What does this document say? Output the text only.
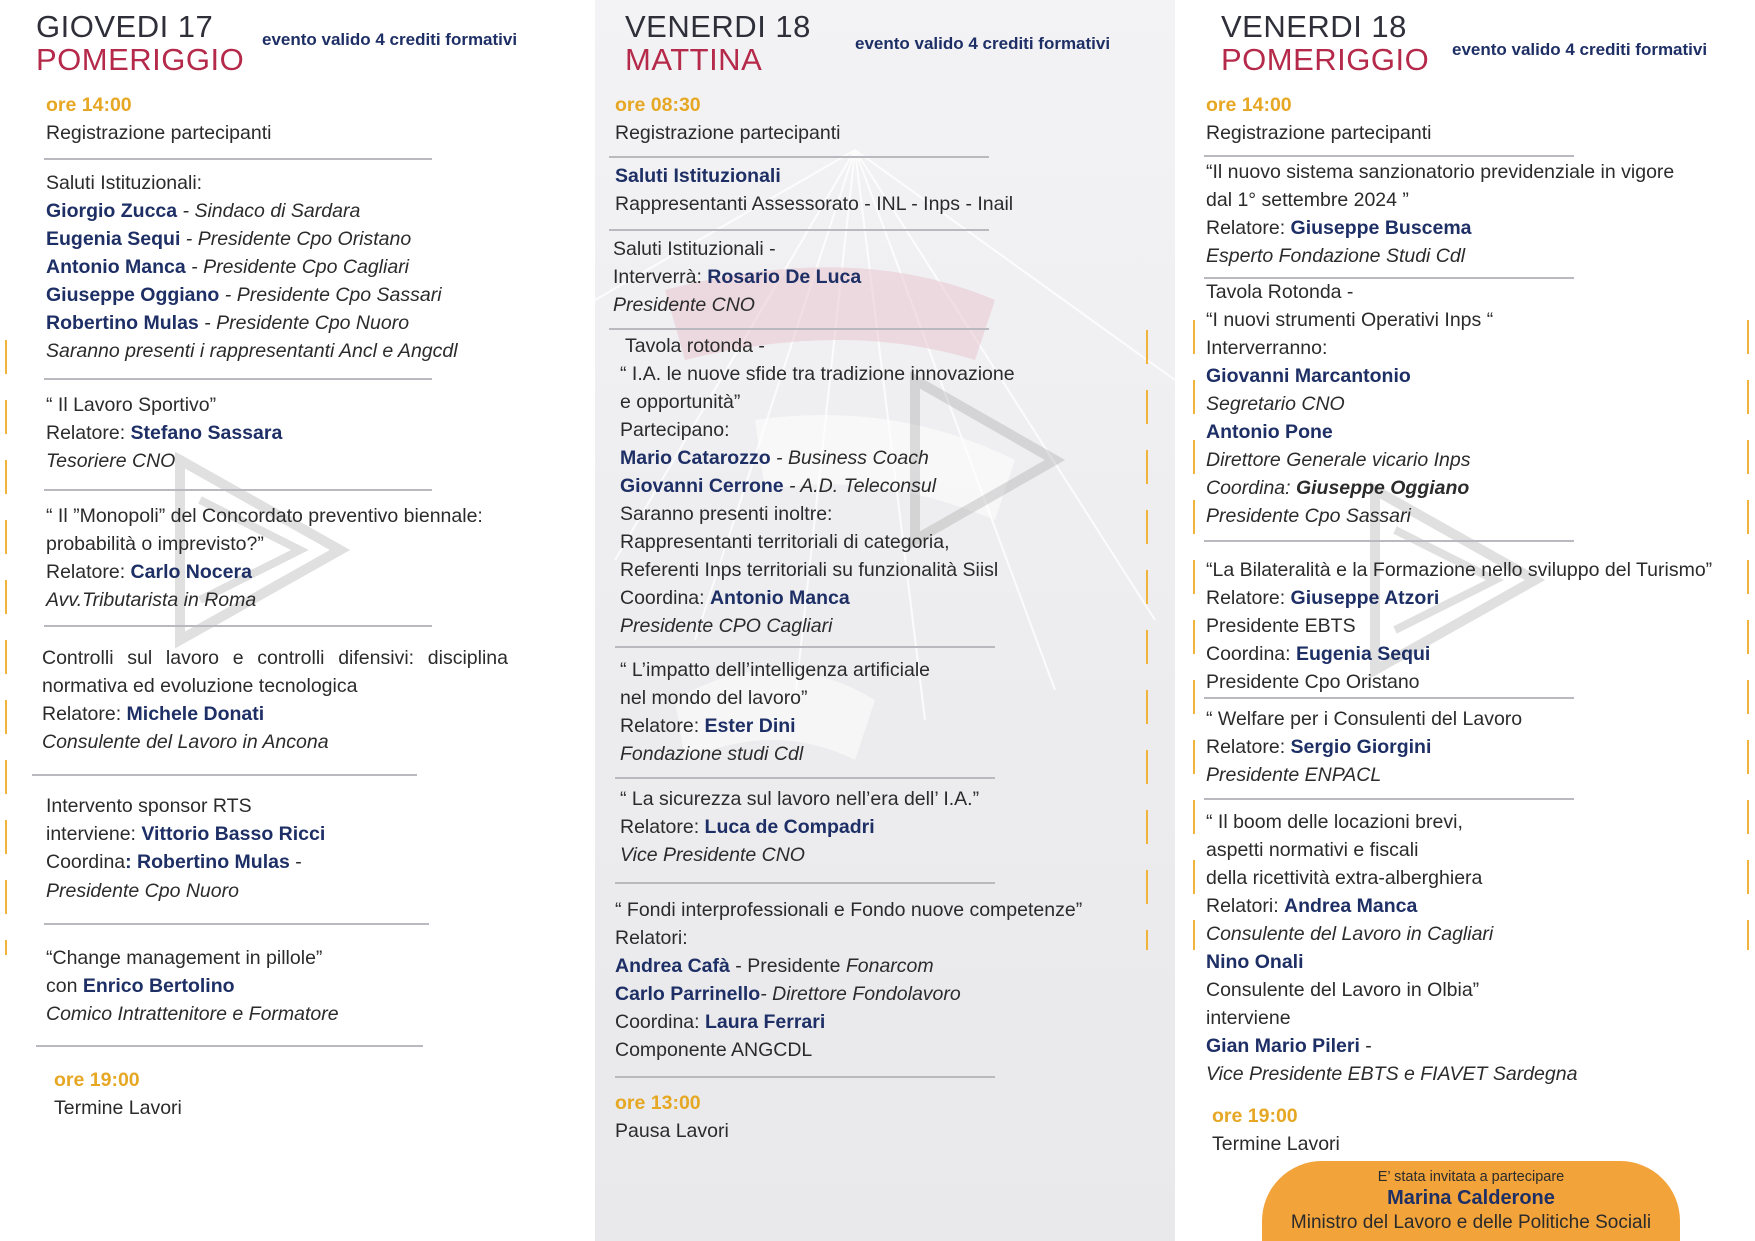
GIOVEDI 17
POMERIGGIO
evento valido 4 crediti formativi
ore 14:00
Registrazione partecipanti
Saluti Istituzionali:
Giorgio Zucca - Sindaco di Sardara
Eugenia Sequi - Presidente Cpo Oristano
Antonio Manca - Presidente Cpo Cagliari
Giuseppe Oggiano - Presidente Cpo Sassari
Robertino Mulas - Presidente Cpo Nuoro
Saranno presenti i rappresentanti Ancl e Angcdl
“ Il Lavoro Sportivo”
Relatore: Stefano Sassara
Tesoriere CNO
“ Il ”Monopoli” del Concordato preventivo biennale:
probabilità o imprevisto?”
Relatore: Carlo Nocera
Avv.Tributarista in Roma
Controlli sul lavoro e controlli difensivi: disciplina
normativa ed evoluzione tecnologica
Relatore: Michele Donati
Consulente del Lavoro in Ancona
Intervento sponsor RTS
interviene: Vittorio Basso Ricci
Coordina: Robertino Mulas -
Presidente Cpo Nuoro
“Change management in pillole”
con Enrico Bertolino
Comico Intrattenitore e Formatore
ore 19:00
Termine Lavori
VENERDI 18
MATTINA	evento valido 4 crediti formativi
ore 08:30
Registrazione partecipanti
Saluti Istituzionali
Rappresentanti Assessorato - INL - Inps - Inail
Saluti Istituzionali -
Interverrà: Rosario De Luca
Presidente CNO
Tavola rotonda -
“ I.A. le nuove sfide tra tradizione innovazione
e opportunità”
Partecipano:
Mario Catarozzo - Business Coach
Giovanni Cerrone - A.D. Teleconsul
Saranno presenti inoltre:
Rappresentanti territoriali di categoria,
Referenti Inps territoriali su funzionalità Siisl
Coordina: Antonio Manca
Presidente CPO Cagliari
“ L’impatto dell’intelligenza artificiale
nel mondo del lavoro”
Relatore: Ester Dini
Fondazione studi Cdl
“ La sicurezza sul lavoro nell’era dell’ I.A.”
Relatore: Luca de Compadri
Vice Presidente CNO
“ Fondi interprofessionali e Fondo nuove competenze”
Relatori:
Andrea Cafà - Presidente Fonarcom
Carlo Parrinello- Direttore Fondolavoro
Coordina: Laura Ferrari
Componente ANGCDL
ore 13:00
Pausa Lavori
VENERDI 18
POMERIGGIO evento valido 4 crediti formativi
ore 14:00
Registrazione partecipanti
“Il nuovo sistema sanzionatorio previdenziale in vigore
dal 1° settembre 2024 ”
Relatore: Giuseppe Buscema
Esperto Fondazione Studi Cdl
Tavola Rotonda -
“I nuovi strumenti Operativi Inps “
Interverranno:
Giovanni Marcantonio
Segretario CNO
Antonio Pone
Direttore Generale vicario Inps
Coordina: Giuseppe Oggiano
Presidente Cpo Sassari
“La Bilateralità e la Formazione nello sviluppo del Turismo”
Relatore: Giuseppe Atzori
Presidente EBTS
Coordina: Eugenia Sequi
Presidente Cpo Oristano
“ Welfare per i Consulenti del Lavoro
Relatore: Sergio Giorgini
Presidente ENPACL
“ Il boom delle locazioni brevi,
aspetti normativi e fiscali
della ricettività extra-alberghiera
Relatori: Andrea Manca
Consulente del Lavoro in Cagliari
Nino Onali
Consulente del Lavoro in Olbia”
interviene
Gian Mario Pileri -
Vice Presidente EBTS e FIAVET Sardegna
ore 19:00
Termine Lavori
E’ stata invitata a partecipare
Marina Calderone
Ministro del Lavoro e delle Politiche Sociali
